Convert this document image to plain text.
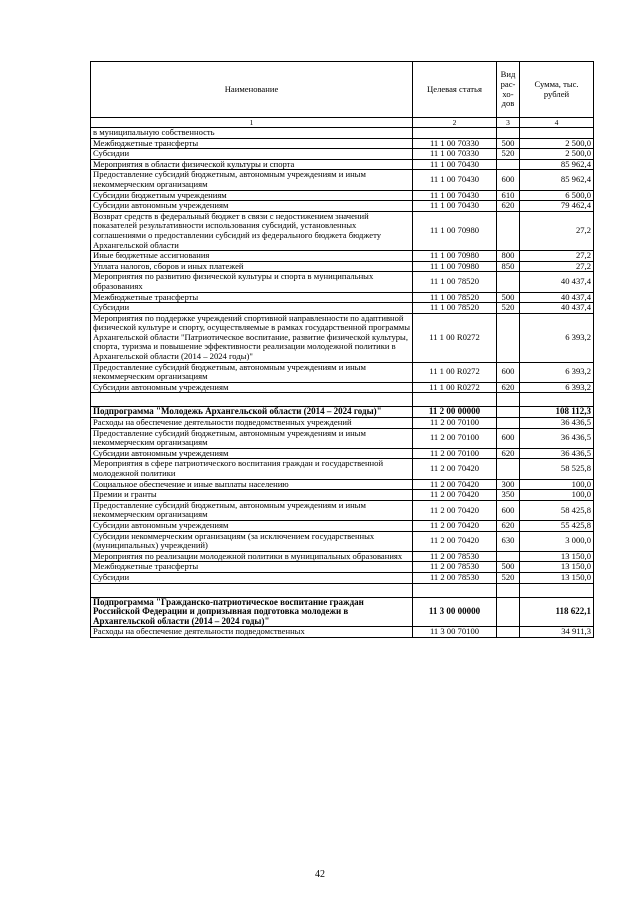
Наименование	Целевая статья	Вид рас-хо-дов	Сумма, тыс. рублей
1	2	3	4
в муниципальную собственность			
Межбюджетные трансферты	11 1 00 70330	500	2 500,0
Субсидии	11 1 00 70330	520	2 500,0
Мероприятия в области физической культуры и спорта	11 1 00 70430		85 962,4
Предоставление субсидий бюджетным, автономным учреждениям и иным некоммерческим организациям	11 1 00 70430	600	85 962,4
Субсидии бюджетным учреждениям	11 1 00 70430	610	6 500,0
Субсидии автономным учреждениям	11 1 00 70430	620	79 462,4
Возврат средств в федеральный бюджет в связи с недостижением значений показателей результативности использования субсидий, установленных соглашениями о предоставлении субсидий из федерального бюджета бюджету Архангельской области	11 1 00 70980		27,2
Иные бюджетные ассигнования	11 1 00 70980	800	27,2
Уплата налогов, сборов и иных платежей	11 1 00 70980	850	27,2
Мероприятия по развитию физической культуры и спорта в муниципальных образованиях	11 1 00 78520		40 437,4
Межбюджетные трансферты	11 1 00 78520	500	40 437,4
Субсидии	11 1 00 78520	520	40 437,4
Мероприятия по поддержке учреждений спортивной направленности по адаптивной физической культуре и спорту, осуществляемые в рамках государственной программы Архангельской области "Патриотическое воспитание, развитие физической культуры, спорта, туризма и повышение эффективности реализации молодежной политики в Архангельской области (2014 – 2024 годы)"	11 1 00 R0272		6 393,2
Предоставление субсидий бюджетным, автономным учреждениям и иным некоммерческим организациям	11 1 00 R0272	600	6 393,2
Субсидии автономным учреждениям	11 1 00 R0272	620	6 393,2

Подпрограмма "Молодежь Архангельской области (2014 – 2024 годы)"	11 2 00 00000		108 112,3
Расходы на обеспечение деятельности подведомственных учреждений	11 2 00 70100		36 436,5
Предоставление субсидий бюджетным, автономным учреждениям и иным некоммерческим организациям	11 2 00 70100	600	36 436,5
Субсидии автономным учреждениям	11 2 00 70100	620	36 436,5
Мероприятия в сфере патриотического воспитания граждан и государственной молодежной политики	11 2 00 70420		58 525,8
Социальное обеспечение и иные выплаты населению	11 2 00 70420	300	100,0
Премии и гранты	11 2 00 70420	350	100,0
Предоставление субсидий бюджетным, автономным учреждениям и иным некоммерческим организациям	11 2 00 70420	600	58 425,8
Субсидии автономным учреждениям	11 2 00 70420	620	55 425,8
Субсидии некоммерческим организациям (за исключением государственных (муниципальных) учреждений)	11 2 00 70420	630	3 000,0
Мероприятия по реализации молодежной политики в муниципальных образованиях	11 2 00 78530		13 150,0
Межбюджетные трансферты	11 2 00 78530	500	13 150,0
Субсидии	11 2 00 78530	520	13 150,0

Подпрограмма "Гражданско-патриотическое воспитание граждан Российской Федерации и допризывная подготовка молодежи в Архангельской области (2014 – 2024 годы)"	11 3 00 00000		118 622,1
Расходы на обеспечение деятельности подведомственных	11 3 00 70100		34 911,3
42
